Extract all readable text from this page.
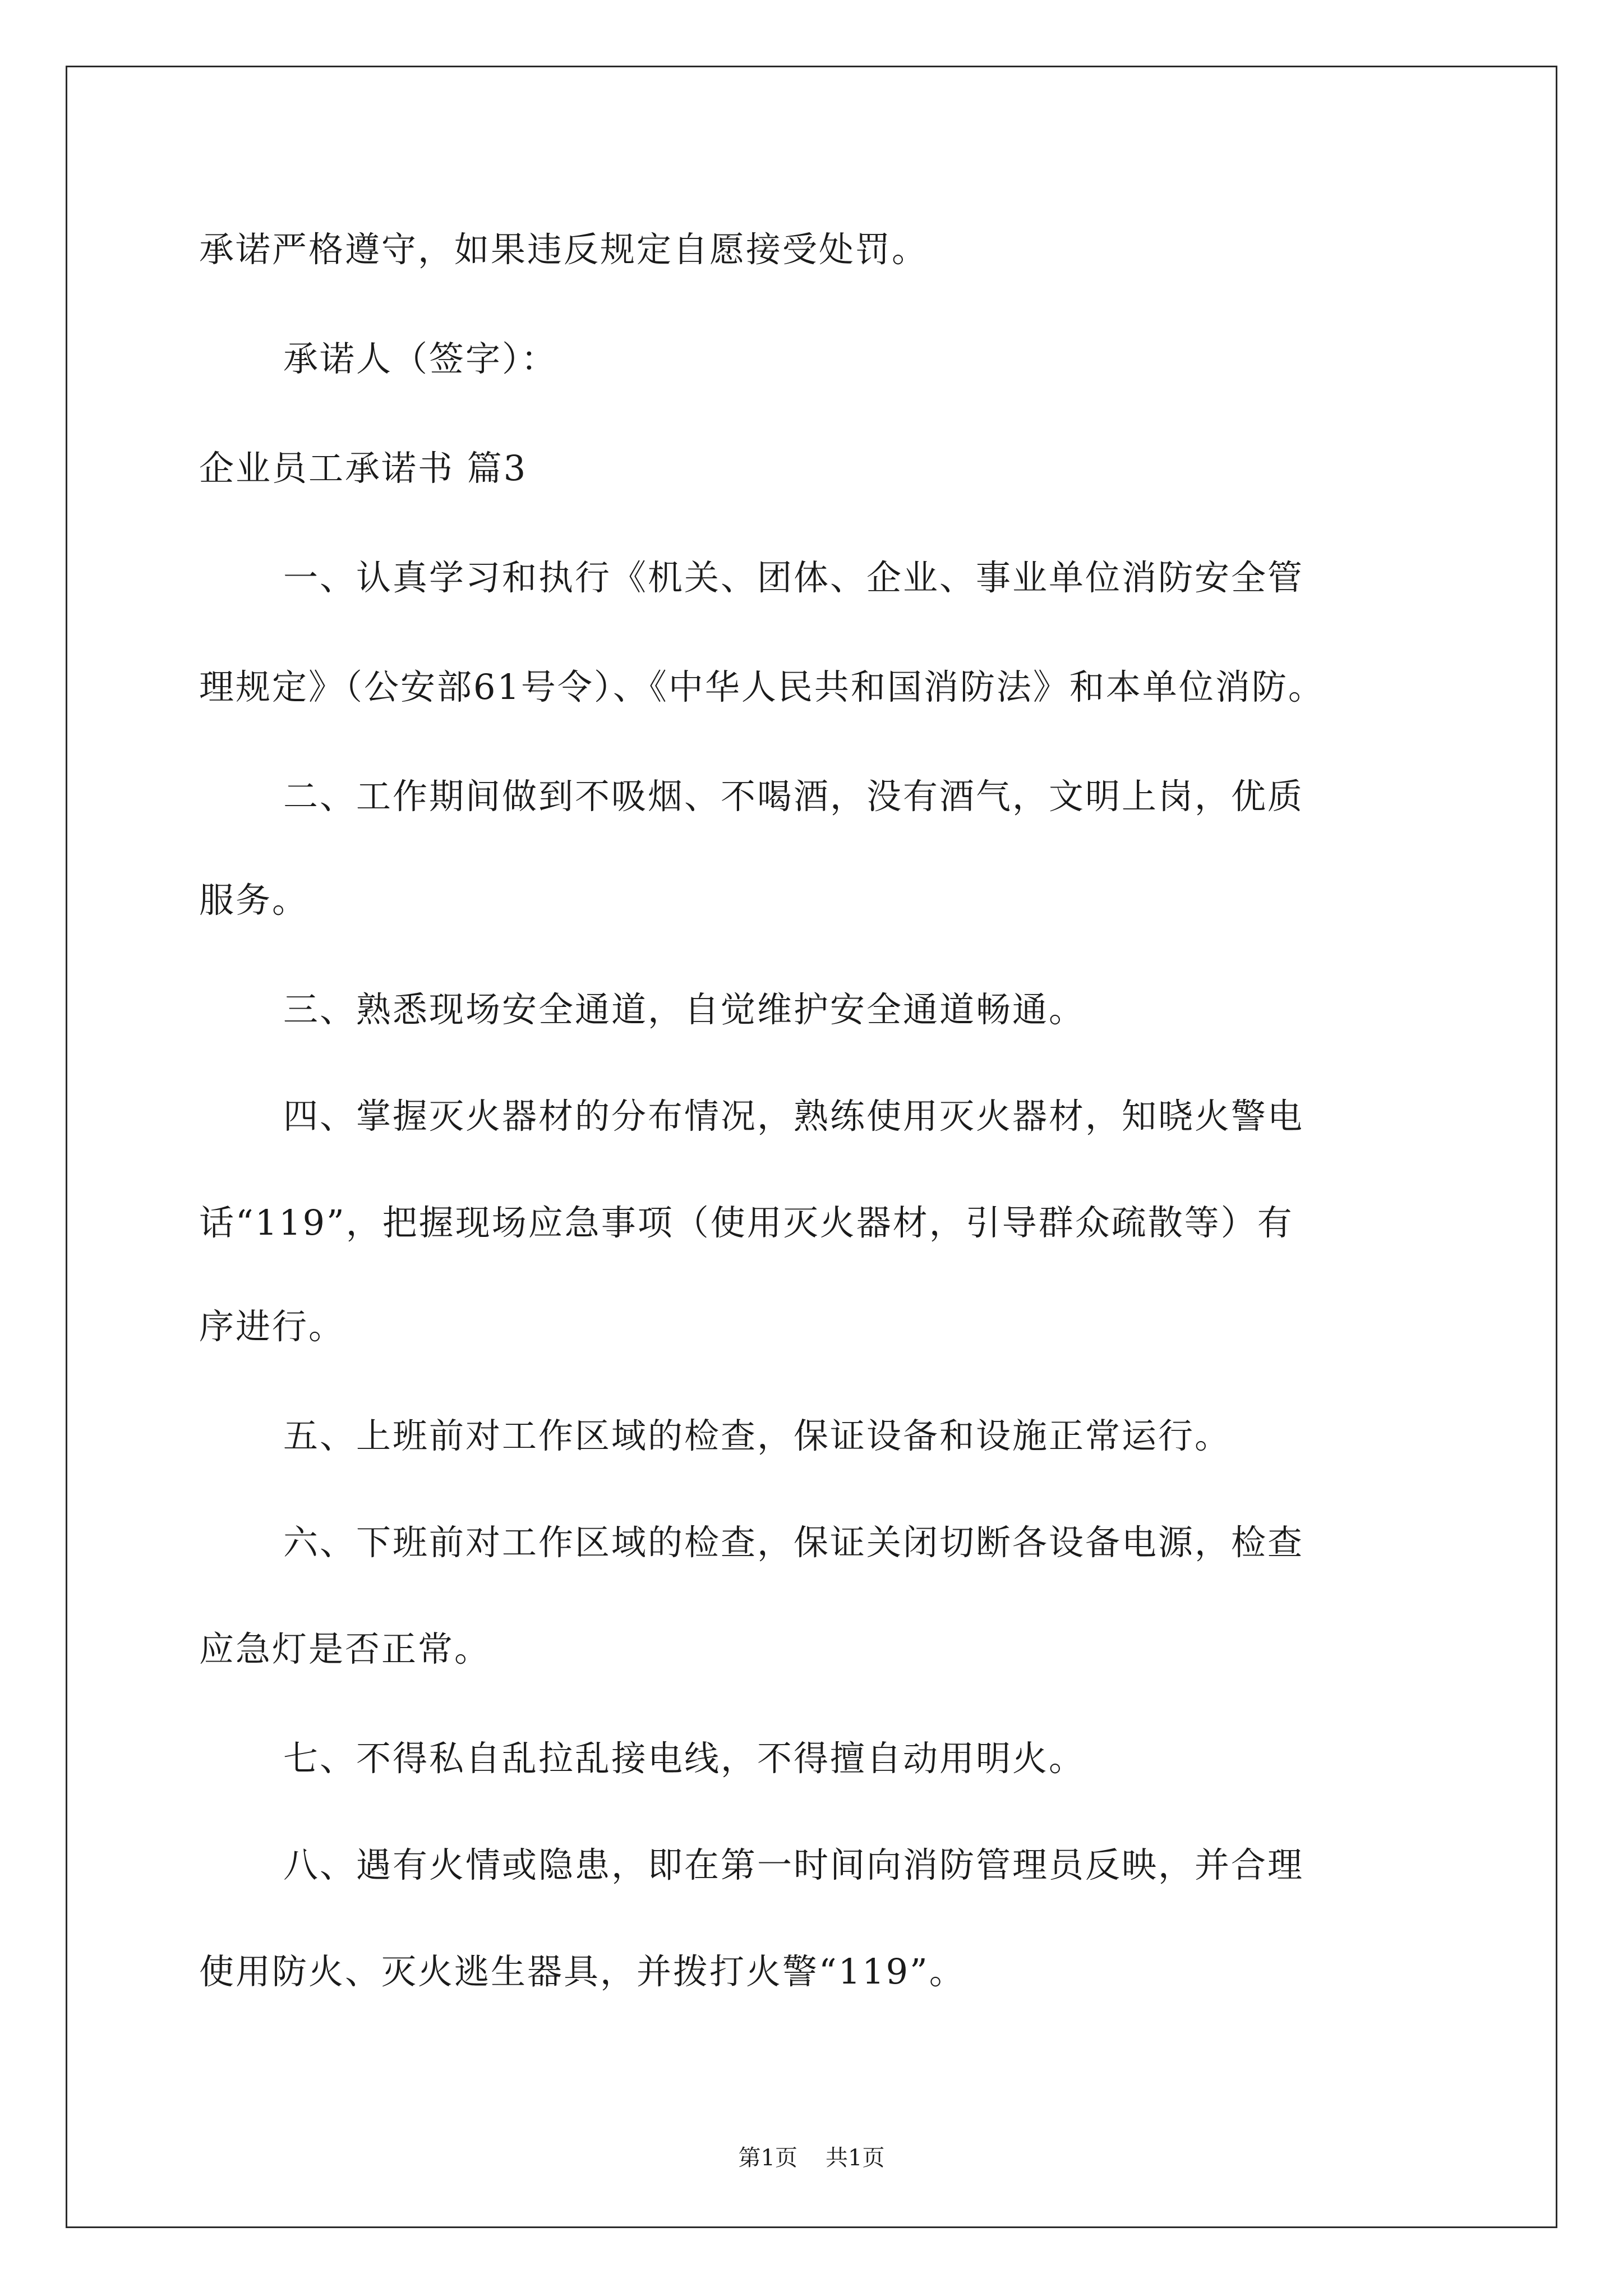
承诺严格遵守，如果违反规定自愿接受处罚。
承诺人（签字）：
企业员工承诺书 篇3
一、认真学习和执行《机关、团体、企业、事业单位消防安全管
理规定》（公安部61号令）、《中华人民共和国消防法》和本单位消防。
二、工作期间做到不吸烟、不喝酒，没有酒气，文明上岗，优质
服务。
三、熟悉现场安全通道，自觉维护安全通道畅通。
四、掌握灭火器材的分布情况，熟练使用灭火器材，知晓火警电
话“119”，把握现场应急事项（使用灭火器材，引导群众疏散等）有
序进行。
五、上班前对工作区域的检查，保证设备和设施正常运行。
六、下班前对工作区域的检查，保证关闭切断各设备电源，检查
应急灯是否正常。
七、不得私自乱拉乱接电线，不得擅自动用明火。
八、遇有火情或隐患，即在第一时间向消防管理员反映，并合理
使用防火、灭火逃生器具，并拨打火警“119”。
第1页 共1页
